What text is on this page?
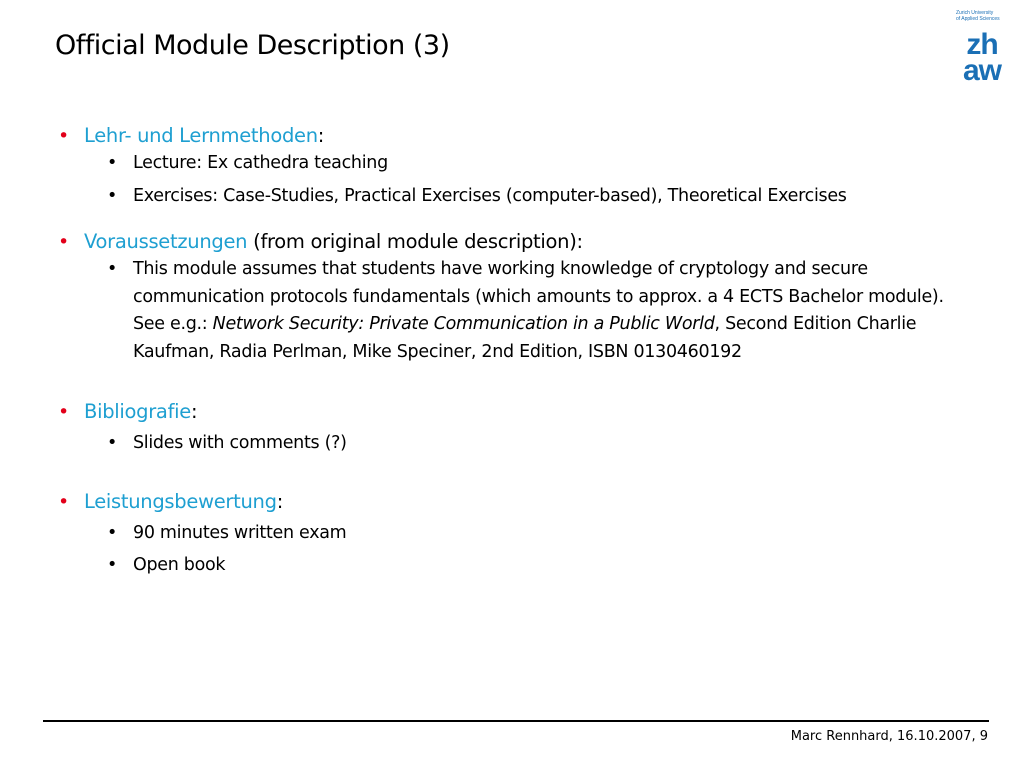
Official Module Description (3)
Zurich University
of Applied Sciences
zh
aw

• Lehr- und Lernmethoden:

• Lecture: Ex cathedra teaching

• Exercises: Case-Studies, Practical Exercises (computer-based), Theoretical Exercises

• Voraussetzungen (from original module description):

• This module assumes that students have working knowledge of cryptology and secure communication protocols fundamentals (which amounts to approx. a 4 ECTS Bachelor module). See e.g.: Network Security: Private Communication in a Public World, Second Edition Charlie Kaufman, Radia Perlman, Mike Speciner, 2nd Edition, ISBN 0130460192

• Bibliografie:

• Slides with comments (?)

• Leistungsbewertung:

• 90 minutes written exam

• Open book

Marc Rennhard, 16.10.2007, 9
